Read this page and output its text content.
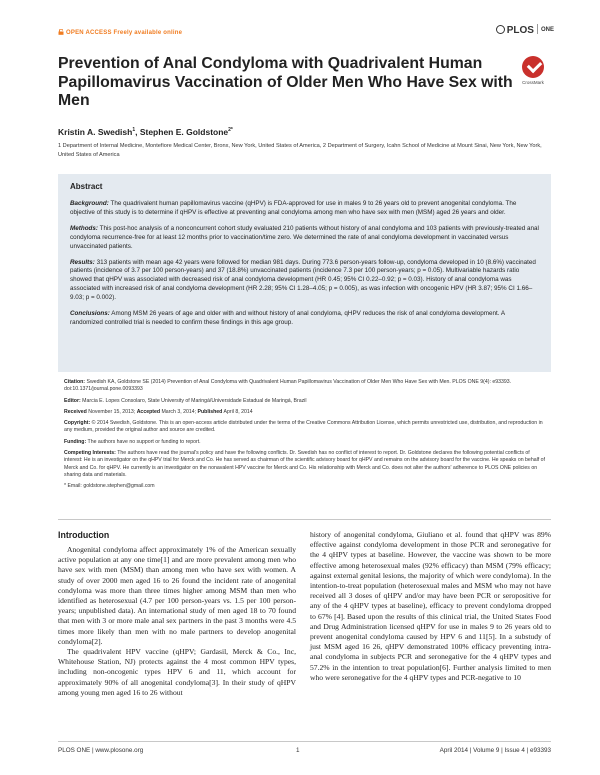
OPEN ACCESS Freely available online	PLOS $^{ONE}$
Prevention of Anal Condyloma with Quadrivalent Human Papillomavirus Vaccination of Older Men Who Have Sex with Men
CrossMark
Kristin A. Swedish$^1$, Stephen E. Goldstone$^{2*}$
1 Department of Internal Medicine, Montefiore Medical Center, Bronx, New York, United States of America, 2 Department of Surgery, Icahn School of Medicine at Mount Sinai, New York, New York, United States of America
Abstract

Background: The quadrivalent human papillomavirus vaccine (qHPV) is FDA-approved for use in males 9 to 26 years old to prevent anogenital condyloma. The objective of this study is to determine if qHPV is effective at preventing anal condyloma among men who have sex with men (MSM) aged 26 years and older.

Methods: This post-hoc analysis of a nonconcurrent cohort study evaluated 210 patients without history of anal condyloma and 103 patients with previously-treated anal condyloma recurrence-free for at least 12 months prior to vaccination/time zero. We determined the rate of anal condyloma development in vaccinated versus unvaccinated patients.

Results: 313 patients with mean age 42 years were followed for median 981 days. During 773.6 person-years follow-up, condyloma developed in 10 (8.6%) vaccinated patients (incidence of 3.7 per 100 person-years) and 37 (18.8%) unvaccinated patients (incidence 7.3 per 100 person-years; p = 0.05). Multivariable hazards ratio showed that qHPV was associated with decreased risk of anal condyloma development (HR 0.45; 95% CI 0.22–0.92; p = 0.03). History of anal condyloma was associated with increased risk of anal condyloma development (HR 2.28; 95% CI 1.28–4.05; p = 0.005), as was infection with oncogenic HPV (HR 3.87; 95% CI 1.66–9.03; p = 0.002).

Conclusions: Among MSM 26 years of age and older with and without history of anal condyloma, qHPV reduces the risk of anal condyloma development. A randomized controlled trial is needed to confirm these findings in this age group.

Citation: Swedish KA, Goldstone SE (2014) Prevention of Anal Condyloma with Quadrivalent Human Papillomavirus Vaccination of Older Men Who Have Sex with Men. PLOS ONE 9(4): e93393. doi:10.1371/journal.pone.0093393

Editor: Marcia E. Lopes Consolaro, State University of Maringá/Universidade Estadual de Maringá, Brazil

Received November 15, 2013; Accepted March 3, 2014; Published April 8, 2014

Copyright: © 2014 Swedish, Goldstone. This is an open-access article distributed under the terms of the Creative Commons Attribution License, which permits unrestricted use, distribution, and reproduction in any medium, provided the original author and source are credited.

Funding: The authors have no support or funding to report.

Competing Interests: The authors have read the journal's policy and have the following conflicts. Dr. Swedish has no conflict of interest to report. Dr. Goldstone declares the following potential conflicts of interest: He is an investigator on the qHPV trial for Merck and Co. He has served as chairman of the scientific advisory board for qHPV and remains on the advisory board for the vaccine. He speaks on behalf of Merck and Co. for qHPV. He currently is an investigator on the nonavalent HPV vaccine for Merck and Co. His relationship with Merck and Co. does not alter the authors' adherence to PLOS ONE policies on sharing data and materials.

* Email: goldstone.stephen@gmail.com

Introduction

Anogenital condyloma affect approximately 1% of the American sexually active population at any one time[1] and are more prevalent among men who have sex with men (MSM) than among men who have sex with women. A study of over 2000 men aged 16 to 26 found the incident rate of anogenital condyloma was more than three times higher among MSM than men who identified as heterosexual (4.7 per 100 person-years vs. 1.5 per 100 person-years; unpublished data). An international study of men aged 18 to 70 found that men with 3 or more male anal sex partners in the past 3 months were 4.5 times more likely than men with no male partners to develop anogenital condyloma[2].

The quadrivalent HPV vaccine (qHPV; Gardasil, Merck & Co., Inc, Whitehouse Station, NJ) protects against the 4 most common HPV types, including non-oncogenic types HPV 6 and 11, which account for approximately 90% of all anogenital condyloma[3]. In their study of qHPV among young men aged 16 to 26 without

history of anogenital condyloma, Giuliano et al. found that qHPV was 89% effective against condyloma development in those PCR and seronegative for the 4 qHPV types at baseline. However, the vaccine was shown to be more effective among heterosexual males (92% efficacy) than MSM (79% efficacy; against external genital lesions, the majority of which were condyloma). In the intention-to-treat population (heterosexual males and MSM who may not have received all 3 doses of qHPV and/or may have been PCR or seropositive for any of the 4 qHPV types at baseline), efficacy to prevent condyloma dropped to 67% [4]. Based upon the results of this clinical trial, the United States Food and Drug Administration licensed qHPV for use in males 9 to 26 years old to prevent anogenital condyloma caused by HPV 6 and 11[5]. In a substudy of just MSM aged 16 26, qHPV demonstrated 100% efficacy preventing intra-anal condyloma in subjects PCR and seronegative for the 4 qHPV types and 57.2% in the intention to treat population[6]. Further analysis limited to men who were seronegative for the 4 qHPV types and PCR-negative to 10

PLOS ONE | www.plosone.org	1	April 2014 | Volume 9 | Issue 4 | e93393
